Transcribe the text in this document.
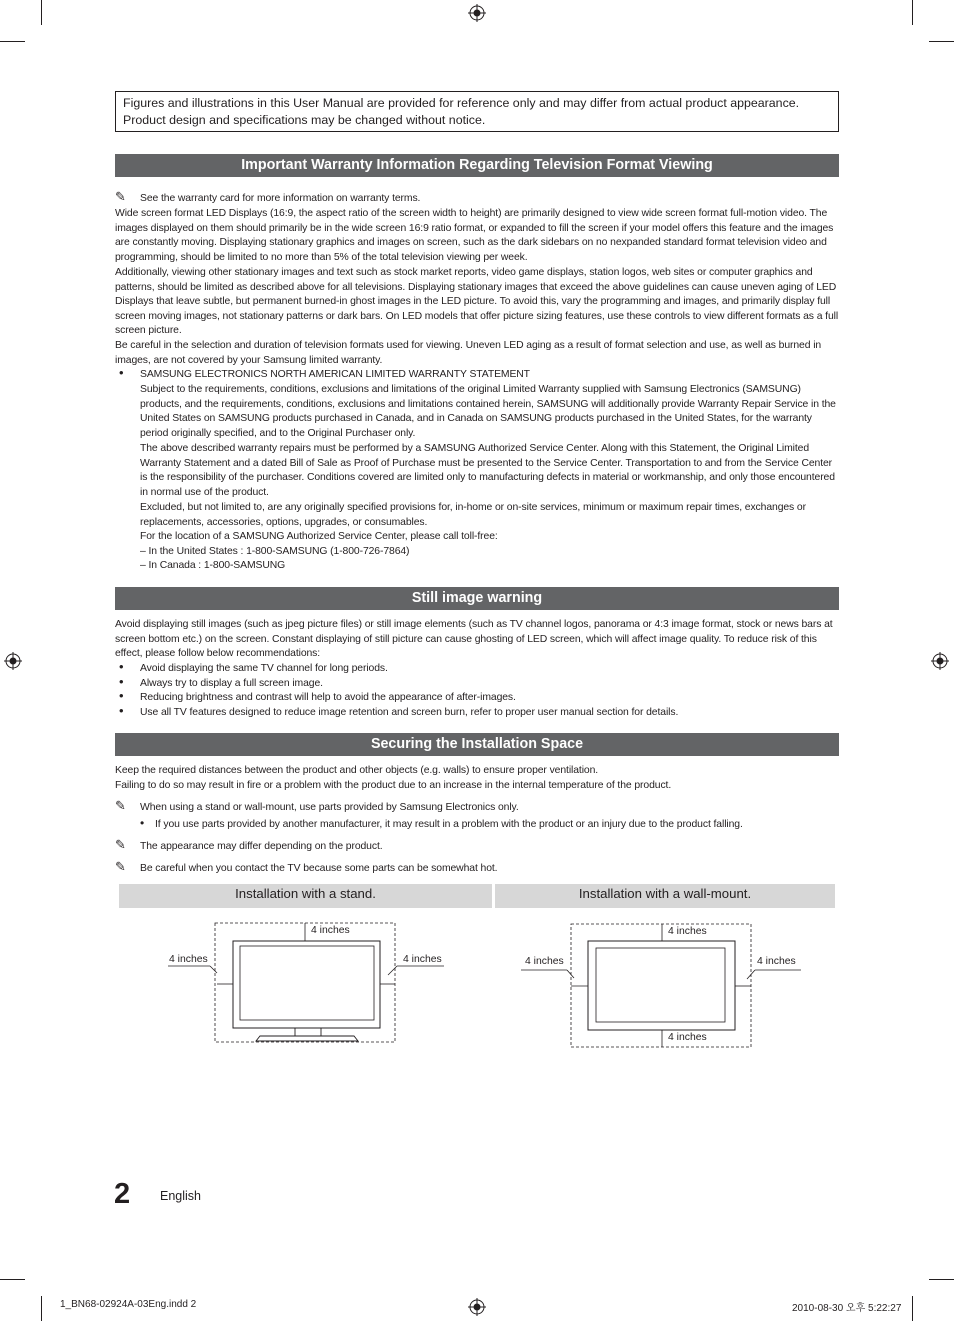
Figures and illustrations in this User Manual are provided for reference only and may differ from actual product appearance.
Product design and specifications may be changed without notice.
Important Warranty Information Regarding Television Format Viewing
✎	See the warranty card for more information on warranty terms.
Wide screen format LED Displays (16:9, the aspect ratio of the screen width to height) are primarily designed to view wide screen format full-motion video. The images displayed on them should primarily be in the wide screen 16:9 ratio format, or expanded to fill the screen if your model offers this feature and the images are constantly moving. Displaying stationary graphics and images on screen, such as the dark sidebars on no nexpanded standard format television video and programming, should be limited to no more than 5% of the total television viewing per week.
Additionally, viewing other stationary images and text such as stock market reports, video game displays, station logos, web sites or computer graphics and patterns, should be limited as described above for all televisions. Displaying stationary images that exceed the above guidelines can cause uneven aging of LED Displays that leave subtle, but permanent burned-in ghost images in the LED picture. To avoid this, vary the programming and images, and primarily display full screen moving images, not stationary patterns or dark bars. On LED models that offer picture sizing features, use these controls to view different formats as a full screen picture.
Be careful in the selection and duration of television formats used for viewing. Uneven LED aging as a result of format selection and use, as well as burned in images, are not covered by your Samsung limited warranty.
• SAMSUNG ELECTRONICS NORTH AMERICAN LIMITED WARRANTY STATEMENT
Subject to the requirements, conditions, exclusions and limitations of the original Limited Warranty supplied with Samsung Electronics (SAMSUNG) products, and the requirements, conditions, exclusions and limitations contained herein, SAMSUNG will additionally provide Warranty Repair Service in the United States on SAMSUNG products purchased in Canada, and in Canada on SAMSUNG products purchased in the United States, for the warranty period originally specified, and to the Original Purchaser only.
The above described warranty repairs must be performed by a SAMSUNG Authorized Service Center. Along with this Statement, the Original Limited Warranty Statement and a dated Bill of Sale as Proof of Purchase must be presented to the Service Center. Transportation to and from the Service Center is the responsibility of the purchaser. Conditions covered are limited only to manufacturing defects in material or workmanship, and only those encountered in normal use of the product.
Excluded, but not limited to, are any originally specified provisions for, in-home or on-site services, minimum or maximum repair times, exchanges or replacements, accessories, options, upgrades, or consumables.
For the location of a SAMSUNG Authorized Service Center, please call toll-free:
– In the United States : 1-800-SAMSUNG (1-800-726-7864)
– In Canada : 1-800-SAMSUNG
Still image warning
Avoid displaying still images (such as jpeg picture files) or still image elements (such as TV channel logos, panorama or 4:3 image format, stock or news bars at screen bottom etc.) on the screen. Constant displaying of still picture can cause ghosting of LED screen, which will affect image quality. To reduce risk of this effect, please follow below recommendations:
• Avoid displaying the same TV channel for long periods.
• Always try to display a full screen image.
• Reducing brightness and contrast will help to avoid the appearance of after-images.
• Use all TV features designed to reduce image retention and screen burn, refer to proper user manual section for details.
Securing the Installation Space
Keep the required distances between the product and other objects (e.g. walls) to ensure proper ventilation.
Failing to do so may result in fire or a problem with the product due to an increase in the internal temperature of the product.
✎	When using a stand or wall-mount, use parts provided by Samsung Electronics only.
• If you use parts provided by another manufacturer, it may result in a problem with the product or an injury due to the product falling.
✎	The appearance may differ depending on the product.
✎	Be careful when you contact the TV because some parts can be somewhat hot.
Installation with a stand.	Installation with a wall-mount.
4 inches
4 inches	4 inches
4 inches
4 inches	4 inches
4 inches
2 English
1_BN68-02924A-03Eng.indd 2	2010-08-30 오후 5:22:27
